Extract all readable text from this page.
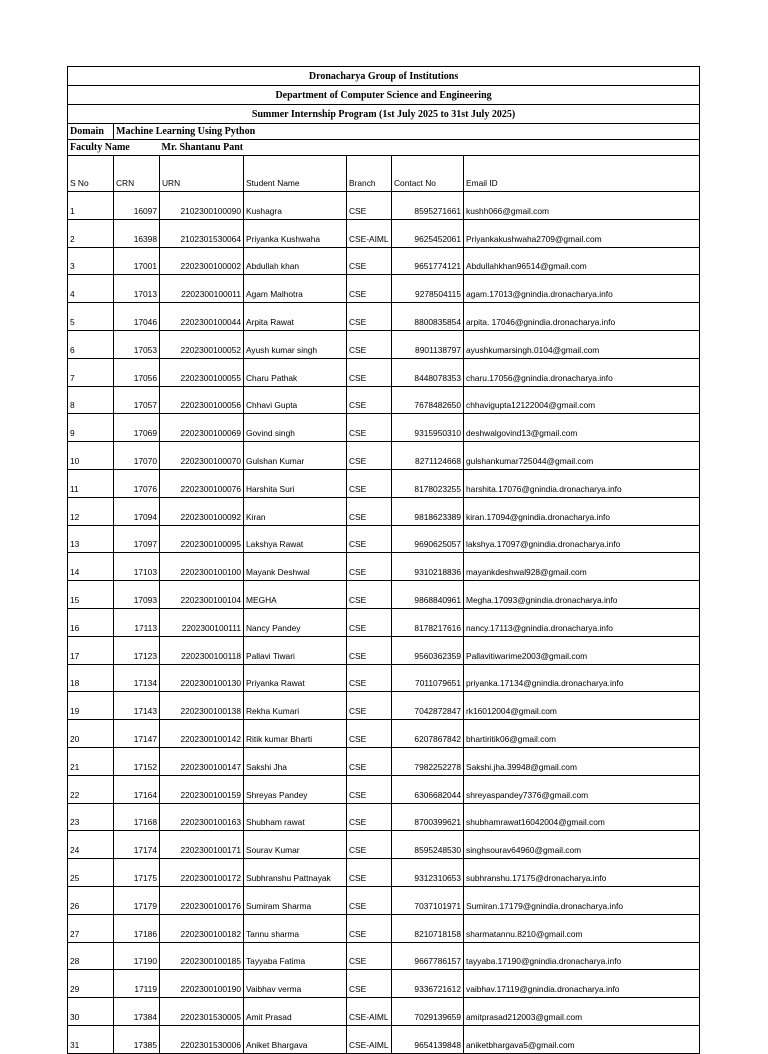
Dronacharya Group of Institutions						
Department of Computer Science and Engineering						
Summer Internship Program (1st July 2025 to 31st July 2025)						
Domain	Machine Learning Using Python					
Faculty Name		Mr. Shantanu Pant				
S No	CRN	URN	Student Name	Branch	Contact No	Email ID
1	16097	2102300100090	Kushagra	CSE	8595271661	kushh066@gmail.com
2	16398	2102301530064	Priyanka Kushwaha	CSE-AIML	9625452061	Priyankakushwaha2709@gmail.com
3	17001	2202300100002	Abdullah khan	CSE	9651774121	Abdullahkhan96514@gmail.com
4	17013	2202300100011	Agam Malhotra	CSE	9278504115	agam.17013@gnindia.dronacharya.info
5	17046	2202300100044	Arpita Rawat	CSE	8800835854	arpita. 17046@gnindia.dronacharya.info
6	17053	2202300100052	Ayush kumar singh	CSE	8901138797	ayushkumarsingh.0104@gmail.com
7	17056	2202300100055	Charu Pathak	CSE	8448078353	charu.17056@gnindia.dronacharya.info
8	17057	2202300100056	Chhavi Gupta	CSE	7678482650	chhavigupta12122004@gmail.com
9	17069	2202300100069	Govind singh	CSE	9315950310	deshwalgovind13@gmail.com
10	17070	2202300100070	Gulshan Kumar	CSE	8271124668	gulshankumar725044@gmail.com
11	17076	2202300100076	Harshita Suri	CSE	8178023255	harshita.17076@gnindia.dronacharya.info
12	17094	2202300100092	Kiran	CSE	9818623389	kiran.17094@gnindia.dronacharya.info
13	17097	2202300100095	Lakshya Rawat	CSE	9690625057	lakshya.17097@gnindia.dronacharya.info
14	17103	2202300100100	Mayank Deshwal	CSE	9310218836	mayankdeshwal928@gmail.com
15	17093	2202300100104	MEGHA	CSE	9868840961	Megha.17093@gnindia.dronacharya.info
16	17113	2202300100111	Nancy Pandey	CSE	8178217616	nancy.17113@gnindia.dronacharya.info
17	17123	2202300100118	Pallavi Tiwari	CSE	9560362359	Pallavitiwarime2003@gmail.com
18	17134	2202300100130	Priyanka Rawat	CSE	7011079651	priyanka.17134@gnindia.dronacharya.info
19	17143	2202300100138	Rekha Kumari	CSE	7042872847	rk16012004@gmail.com
20	17147	2202300100142	Ritik kumar Bharti	CSE	6207867842	bhartiritik06@gmail.com
21	17152	2202300100147	Sakshi Jha	CSE	7982252278	Sakshi.jha.39948@gmail.com
22	17164	2202300100159	Shreyas Pandey	CSE	6306682044	shreyaspandey7376@gmail.com
23	17168	2202300100163	Shubham rawat	CSE	8700399621	shubhamrawat16042004@gmail.com
24	17174	2202300100171	Sourav Kumar	CSE	8595248530	singhsourav64960@gmail.com
25	17175	2202300100172	Subhranshu Pattnayak	CSE	9312310653	subhranshu.17175@dronacharya.info
26	17179	2202300100176	Sumiram Sharma	CSE	7037101971	Sumiran.17179@gnindia.dronacharya.info
27	17186	2202300100182	Tannu sharma	CSE	8210718158	sharmatannu.8210@gmail.com
28	17190	2202300100185	Tayyaba Fatima	CSE	9667786157	tayyaba.17190@gnindia.dronacharya.info
29	17119	2202300100190	Vaibhav verma	CSE	9336721612	vaibhav.17119@gnindia.dronacharya.info
30	17384	2202301530005	Amit Prasad	CSE-AIML	7029139659	amitprasad212003@gmail.com
31	17385	2202301530006	Aniket Bhargava	CSE-AIML	9654139848	aniketbhargava5@gmail.com
